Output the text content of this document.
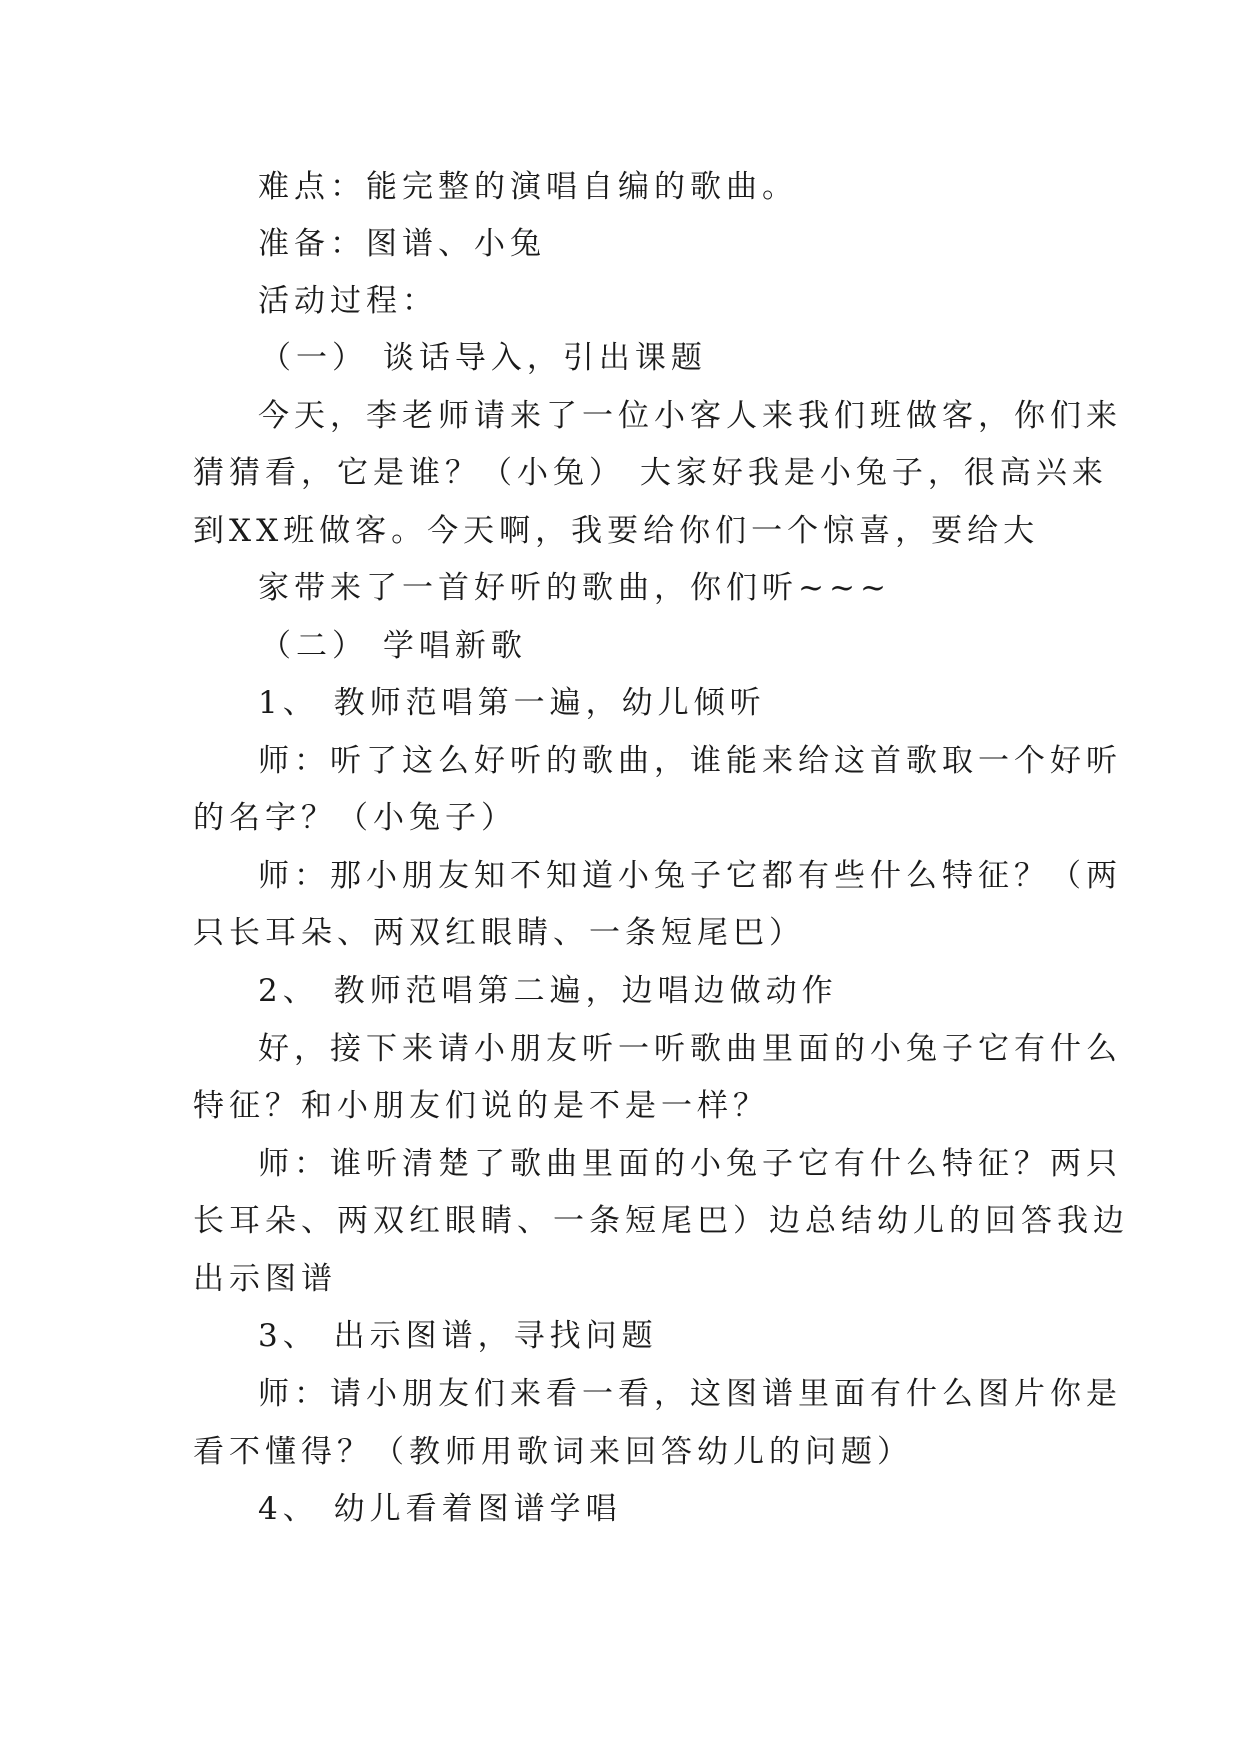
难点：能完整的演唱自编的歌曲。
准备：图谱、小兔
活动过程：
（一） 谈话导入，引出课题
今天，李老师请来了一位小客人来我们班做客，你们来
猜猜看，它是谁？（小兔） 大家好我是小兔子，很高兴来
到XX班做客。今天啊，我要给你们一个惊喜，要给大
家带来了一首好听的歌曲，你们听~~~
（二） 学唱新歌
1、 教师范唱第一遍，幼儿倾听
师：听了这么好听的歌曲，谁能来给这首歌取一个好听
的名字？（小兔子）
师：那小朋友知不知道小兔子它都有些什么特征？（两
只长耳朵、两双红眼睛、一条短尾巴）
2、 教师范唱第二遍，边唱边做动作
好，接下来请小朋友听一听歌曲里面的小兔子它有什么
特征？和小朋友们说的是不是一样？
师：谁听清楚了歌曲里面的小兔子它有什么特征？两只
长耳朵、两双红眼睛、一条短尾巴）边总结幼儿的回答我边
出示图谱
3、 出示图谱，寻找问题
师：请小朋友们来看一看，这图谱里面有什么图片你是
看不懂得？（教师用歌词来回答幼儿的问题）
4、 幼儿看着图谱学唱
